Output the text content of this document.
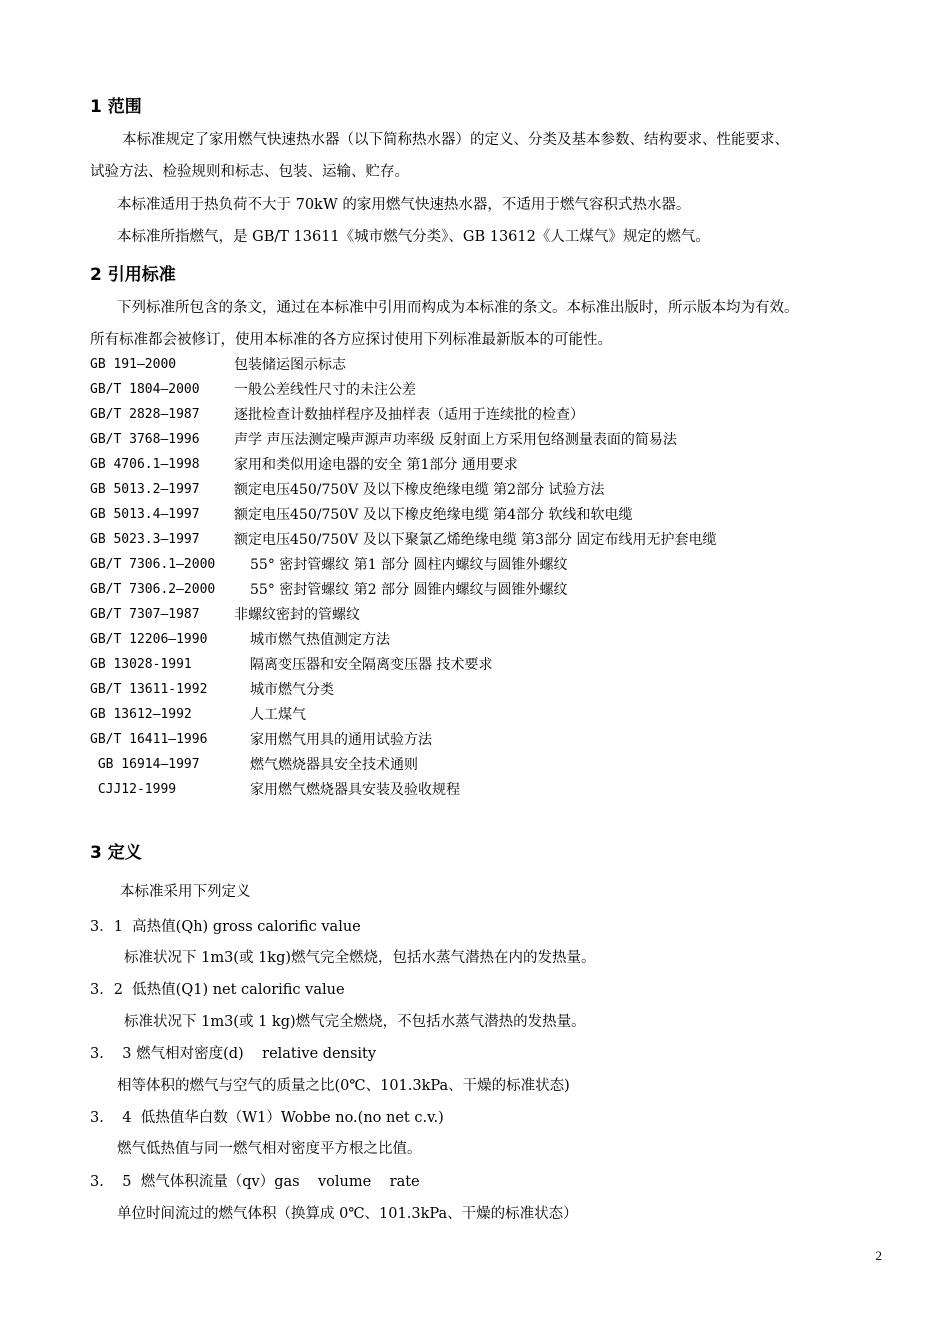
1 范围
本标准规定了家用燃气快速热水器（以下简称热水器）的定义、分类及基本参数、结构要求、性能要求、
试验方法、检验规则和标志、包装、运输、贮存。
本标准适用于热负荷不大于 70kW 的家用燃气快速热水器，不适用于燃气容积式热水器。
本标准所指燃气，是 GB/T 13611《城市燃气分类》、GB 13612《人工煤气》规定的燃气。
2 引用标准
下列标准所包含的条文，通过在本标准中引用而构成为本标准的条文。本标准出版时，所示版本均为有效。
所有标准都会被修订，使用本标准的各方应探讨使用下列标准最新版本的可能性。
GB 191—2000	包装储运图示标志
GB/T 1804—2000 一般公差线性尺寸的未注公差
GB/T 2828—1987 逐批检查计数抽样程序及抽样表（适用于连续批的检查）
GB/T 3768—1996 声学 声压法测定噪声源声功率级 反射面上方采用包络测量表面的简易法
GB 4706.1—1998 家用和类似用途电器的安全 第1部分 通用要求
GB 5013.2—1997 额定电压450/750V 及以下橡皮绝缘电缆 第2部分 试验方法
GB 5013.4—1997 额定电压450/750V 及以下橡皮绝缘电缆 第4部分 软线和软电缆
GB 5023.3—1997 额定电压450/750V 及以下聚氯乙烯绝缘电缆 第3部分 固定布线用无护套电缆
GB/T 7306.1—2000 55° 密封管螺纹 第1 部分 圆柱内螺纹与圆锥外螺纹
GB/T 7306.2—2000 55° 密封管螺纹 第2 部分 圆锥内螺纹与圆锥外螺纹
GB/T 7307—1987 非螺纹密封的管螺纹
GB/T 12206—1990	城市燃气热值测定方法
GB 13028-1991	隔离变压器和安全隔离变压器 技术要求
GB/T 13611-1992	城市燃气分类
GB 13612—1992	人工煤气
GB/T 16411—1996	家用燃气用具的通用试验方法
GB 16914—1997	燃气燃烧器具安全技术通则
CJJ12-1999	家用燃气燃烧器具安装及验收规程
3 定义
本标准采用下列定义
3．1  高热值(Qh) gross calorific value
标准状况下 1m3(或 1kg)燃气完全燃烧，包括水蒸气潜热在内的发热量。
3．2  低热值(Q1) net calorific value
标准状况下 1m3(或 1 kg)燃气完全燃烧，不包括水蒸气潜热的发热量。
3.    3 燃气相对密度(d)    relative density
相等体积的燃气与空气的质量之比(0℃、101.3kPa、干燥的标准状态)
3.    4  低热值华白数（W1）Wobbe no.(no net c.v.)
燃气低热值与同一燃气相对密度平方根之比值。
3.    5  燃气体积流量（qv）gas    volume    rate
单位时间流过的燃气体积（换算成 0℃、101.3kPa、干燥的标准状态）
2
